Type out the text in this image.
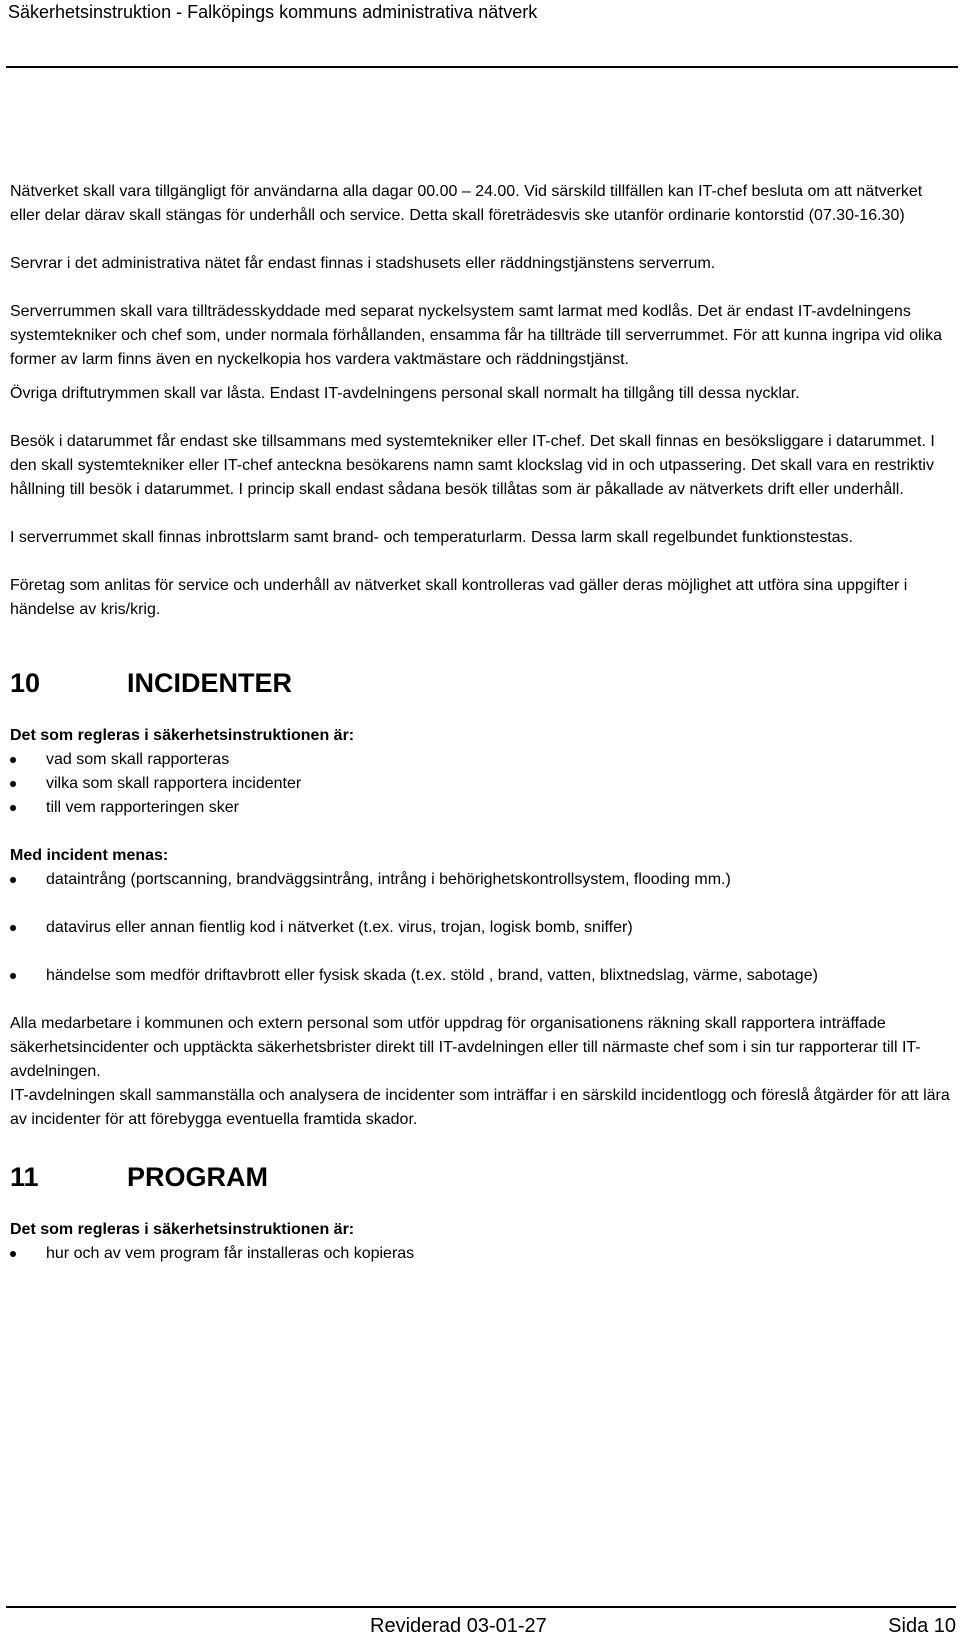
Säkerhetsinstruktion - Falköpings kommuns administrativa nätverk

Nätverket skall vara tillgängligt för användarna alla dagar 00.00 – 24.00. Vid särskild tillfällen kan IT-chef besluta om att nätverket eller delar därav skall stängas för underhåll och service. Detta skall företrädesvis ske utanför ordinarie kontorstid (07.30-16.30)

Servrar i det administrativa nätet får endast finnas i stadshusets eller räddningstjänstens serverrum.

Serverrummen skall vara tillträdesskyddade med separat nyckelsystem samt larmat med kodlås. Det är endast IT-avdelningens systemtekniker och chef som, under normala förhållanden, ensamma får ha tillträde till serverrummet. För att kunna ingripa vid olika former av larm finns även en nyckelkopia hos vardera vaktmästare och räddningstjänst.

Övriga driftutrymmen skall var låsta. Endast IT-avdelningens personal skall normalt ha tillgång till dessa nycklar.

Besök i datarummet får endast ske tillsammans med systemtekniker eller IT-chef. Det skall finnas en besöksliggare i datarummet. I den skall systemtekniker eller IT-chef anteckna besökarens namn samt klockslag vid in och utpassering. Det skall vara en restriktiv hållning till besök i datarummet. I princip skall endast sådana besök tillåtas som är påkallade av nätverkets drift eller underhåll.

I serverrummet skall finnas inbrottslarm samt brand- och temperaturlarm. Dessa larm skall regelbundet funktionstestas.

Företag som anlitas för service och underhåll av nätverket skall kontrolleras vad gäller deras möjlighet att utföra sina uppgifter i händelse av kris/krig.

10	INCIDENTER

Det som regleras i säkerhetsinstruktionen är:

vad som skall rapporteras
vilka som skall rapportera incidenter
till vem rapporteringen sker

Med incident menas:

dataintrång (portscanning, brandväggsintrång, intrång i behörighetskontrollsystem, flooding mm.)
datavirus eller annan fientlig kod i nätverket (t.ex. virus, trojan, logisk bomb, sniffer)
händelse som medför driftavbrott eller fysisk skada (t.ex. stöld , brand, vatten, blixtnedslag, värme, sabotage)

Alla medarbetare i kommunen och extern personal som utför uppdrag för organisationens räkning skall rapportera inträffade säkerhetsincidenter och upptäckta säkerhetsbrister direkt till IT-avdelningen eller till närmaste chef som i sin tur rapporterar till IT-avdelningen.

IT-avdelningen skall sammanställa och analysera de incidenter som inträffar i en särskild incidentlogg och föreslå åtgärder för att lära av incidenter för att förebygga eventuella framtida skador.

11	PROGRAM

Det som regleras i säkerhetsinstruktionen är:

hur och av vem program får installeras och kopieras
Reviderad 03-01-27	Sida 10
